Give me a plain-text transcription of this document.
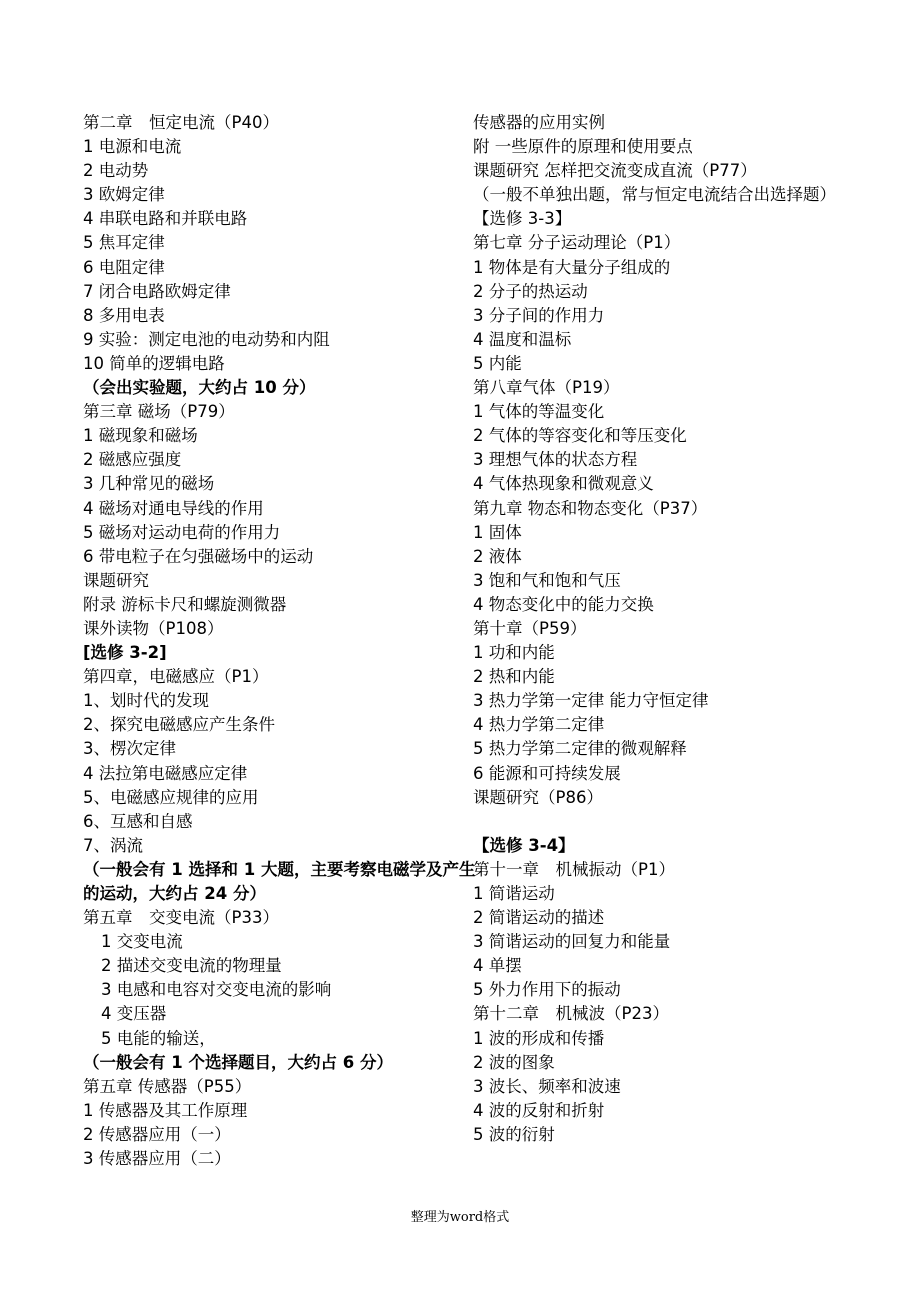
第二章　恒定电流（P40）
1 电源和电流
2 电动势
3 欧姆定律
4 串联电路和并联电路
5 焦耳定律
6 电阻定律
7 闭合电路欧姆定律
8 多用电表
9 实验：测定电池的电动势和内阻
10 简单的逻辑电路
（会出实验题，大约占 10 分）
第三章 磁场（P79）
1 磁现象和磁场
2 磁感应强度
3 几种常见的磁场
4 磁场对通电导线的作用
5 磁场对运动电荷的作用力
6 带电粒子在匀强磁场中的运动
课题研究
附录 游标卡尺和螺旋测微器
课外读物（P108）
[选修 3-2]
第四章，电磁感应（P1）
1、划时代的发现
2、探究电磁感应产生条件
3、楞次定律
4 法拉第电磁感应定律
5、电磁感应规律的应用
6、互感和自感
7、涡流
（一般会有 1 选择和 1 大题，主要考察电磁学及产生的运动，大约占 24 分）
第五章　交变电流（P33）
1 交变电流
2 描述交变电流的物理量
3 电感和电容对交变电流的影响
4 变压器
5 电能的输送，
（一般会有 1 个选择题目，大约占 6 分）
第五章 传感器（P55）
1 传感器及其工作原理
2 传感器应用（一）
3 传感器应用（二）
传感器的应用实例
附 一些原件的原理和使用要点
课题研究 怎样把交流变成直流（P77）
（一般不单独出题，常与恒定电流结合出选择题）
【选修 3-3】
第七章 分子运动理论（P1）
1 物体是有大量分子组成的
2 分子的热运动
3 分子间的作用力
4 温度和温标
5 内能
第八章气体（P19）
1 气体的等温变化
2 气体的等容变化和等压变化
3 理想气体的状态方程
4 气体热现象和微观意义
第九章 物态和物态变化（P37）
1 固体
2 液体
3 饱和气和饱和气压
4 物态变化中的能力交换
第十章（P59）
1 功和内能
2 热和内能
3 热力学第一定律 能力守恒定律
4 热力学第二定律
5 热力学第二定律的微观解释
6 能源和可持续发展
课题研究（P86）
【选修 3-4】
第十一章　机械振动（P1）
1 简谐运动
2 简谐运动的描述
3 简谐运动的回复力和能量
4 单摆
5 外力作用下的振动
第十二章　机械波（P23）
1 波的形成和传播
2 波的图象
3 波长、频率和波速
4 波的反射和折射
5 波的衍射
整理为word格式
